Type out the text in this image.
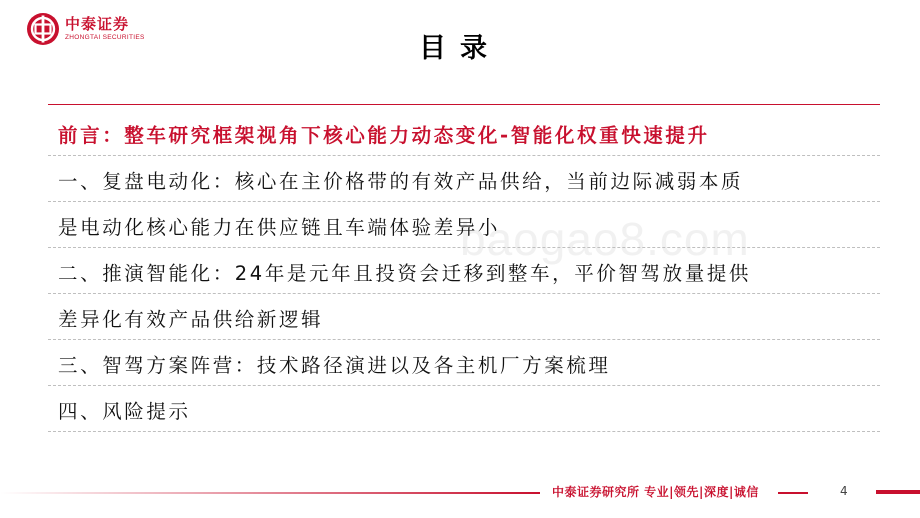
中泰证券
ZHONGTAI SECURITIES	目录
baogao8.com
前言：整车研究框架视角下核心能力动态变化-智能化权重快速提升
一、复盘电动化：核心在主价格带的有效产品供给，当前边际减弱本质
是电动化核心能力在供应链且车端体验差异小
二、推演智能化：24年是元年且投资会迁移到整车，平价智驾放量提供
差异化有效产品供给新逻辑
三、智驾方案阵营：技术路径演进以及各主机厂方案梳理
四、风险提示
中泰证券研究所 专业|领先|深度|诚信	4
